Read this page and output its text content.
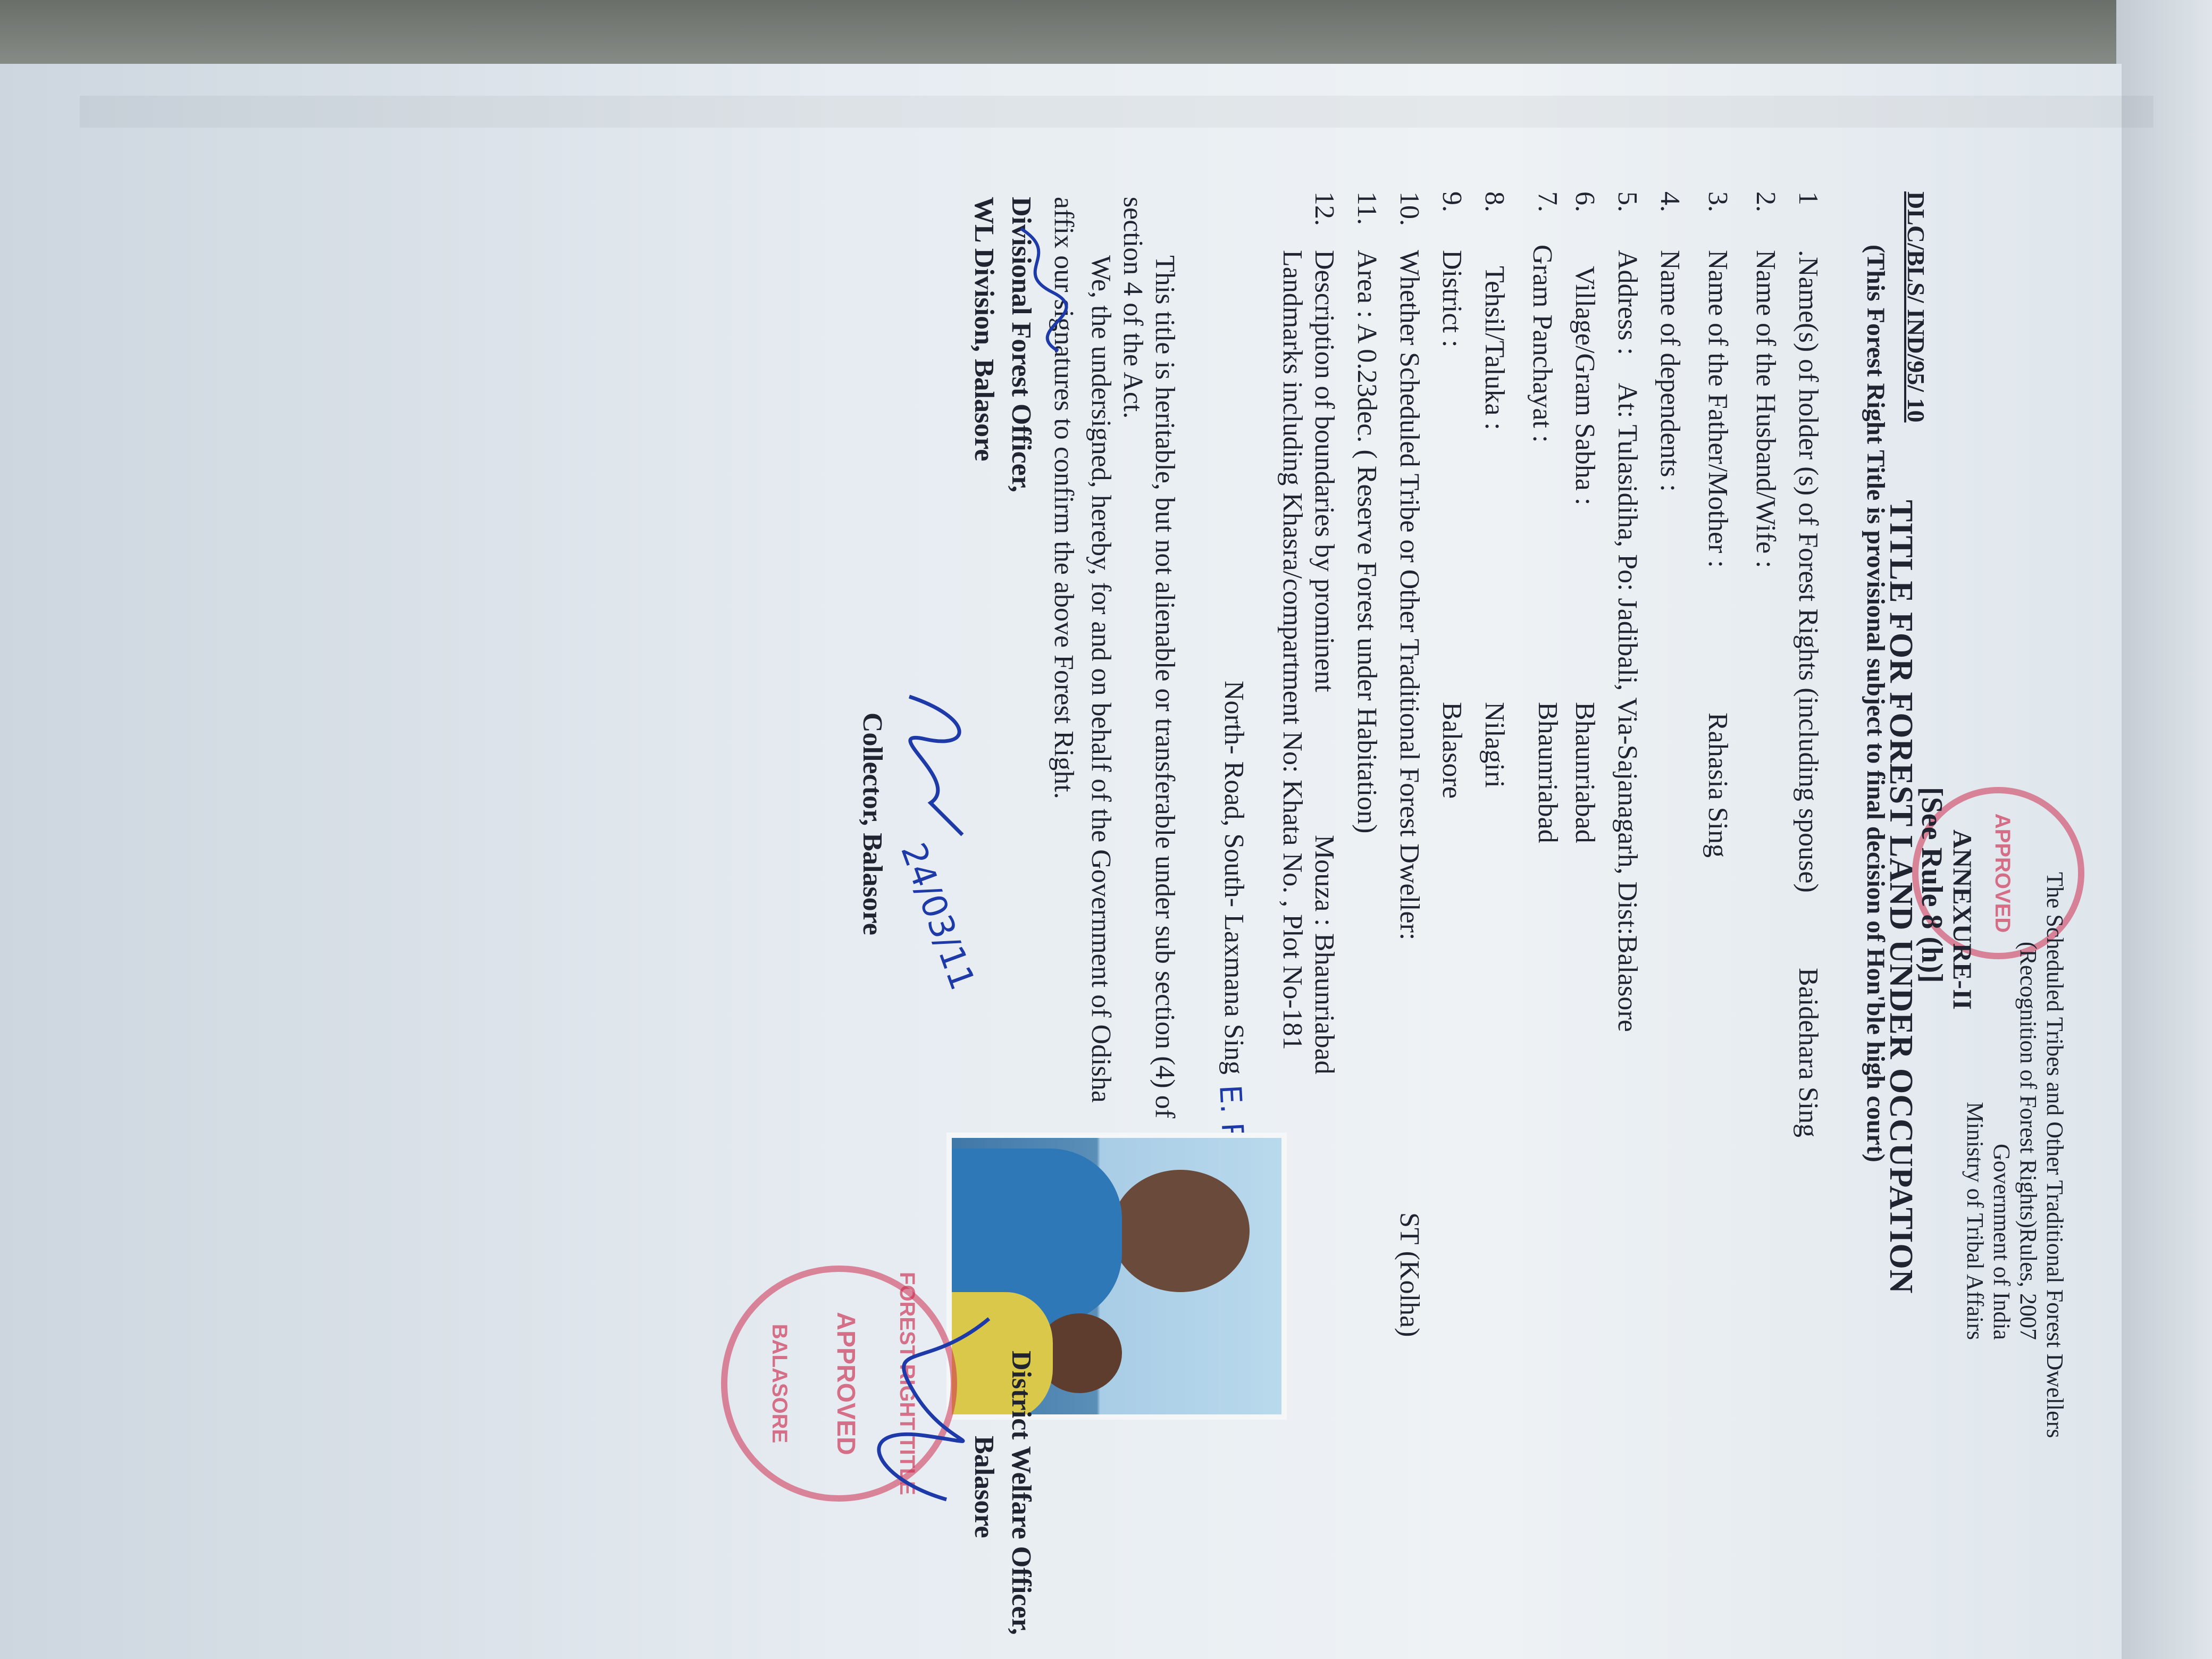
APPROVED
DLC/BLS/ IND/95/ 10
The Scheduled Tribes and Other Traditional Forest Dwellers
(Recognition of Forest Rights)Rules, 2007
Government of India
Ministry of Tribal Affairs
ANNEXURE-II
[See Rule 8 (h)]
TITLE FOR FOREST LAND UNDER OCCUPATION
(This Forest Right Title is provisional subject to final decision of Hon'ble high court)
1
.Name(s) of holder (s) of Forest Rights (including spouse)
Baidehara Sing
2.
Name of the Husband/Wife :
3.
Name of the Father/Mother :
Rahasia Sing
4.
Name of dependents :
5.
Address :
At: Tulasidiha, Po: Jadibali, Via-Sajanagarh, Dist:Balasore
6.
Village/Gram Sabha :
Bhaunriabad
7.
Gram Panchayat :
Bhaunriabad
8.
Tehsil/Taluka :
Nilagiri
9.
District :
Balasore
10.
Whether Scheduled Tribe or Other Traditional Forest Dweller:
ST (Kolha)
11.
Area : A 0.23dec. ( Reserve Forest under Habitation)
12.
Description of boundaries by prominent
Mouza : Bhaunriabad
Landmarks including Khasra/compartment No: Khata No. , Plot No-181
North- Road, South- Laxmana Sing
E.
FOREST RIGHT TITLE
APPROVED
BALASORE
This title is heritable, but not alienable or transferable under sub section (4) of
section 4 of the Act.
We, the undersigned, hereby, for and on behalf of the Government of Odisha
affix our signatures to confirm the above Forest Right.
Divisional Forest Officer,
WL Division, Balasore
District Welfare Officer,
Balasore
Collector, Balasore 24/03/11
